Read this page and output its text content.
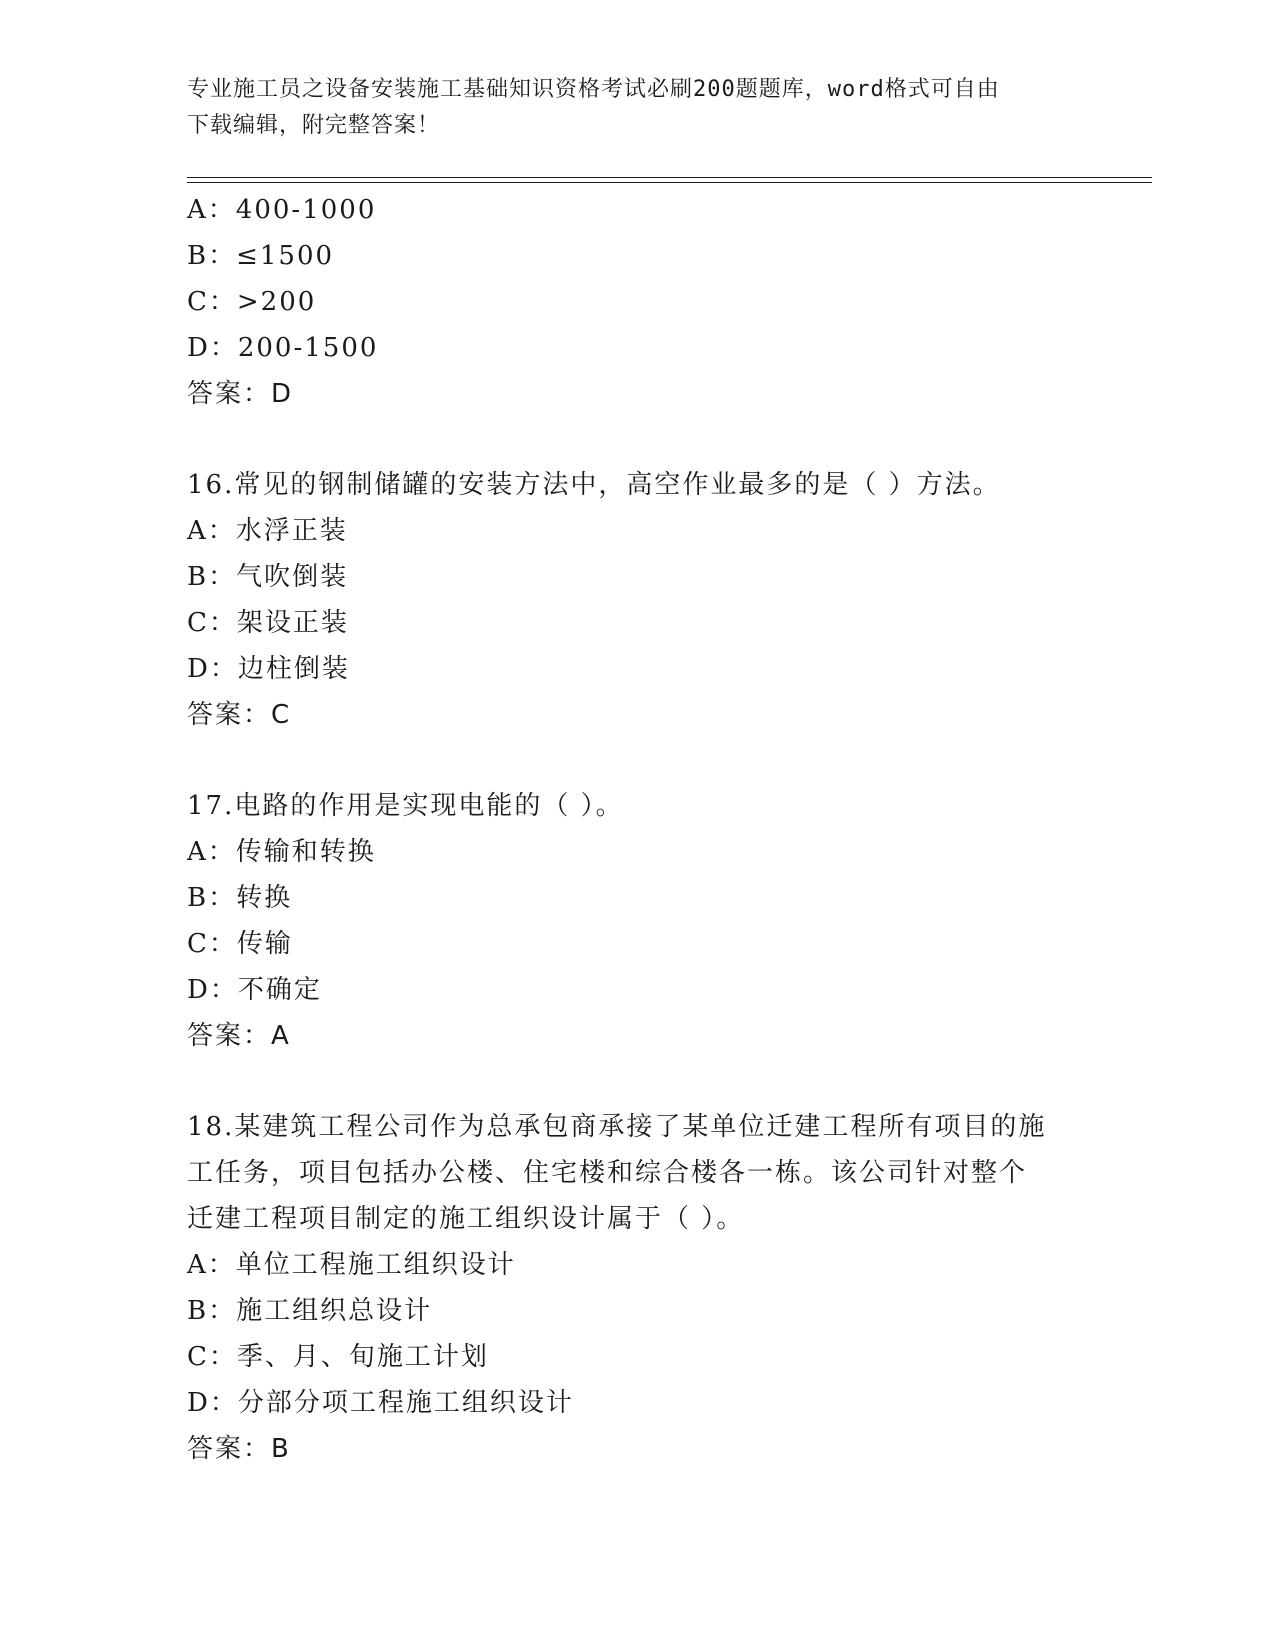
专业施工员之设备安装施工基础知识资格考试必刷200题题库，word格式可自由
下载编辑，附完整答案！
A：400-1000
B：≤1500
C：>200
D：200-1500
答案：D
16.常见的钢制储罐的安装方法中，高空作业最多的是（ ）方法。
A：水浮正装
B：气吹倒装
C：架设正装
D：边柱倒装
答案：C
17.电路的作用是实现电能的（ ）。
A：传输和转换
B：转换
C：传输
D：不确定
答案：A
18.某建筑工程公司作为总承包商承接了某单位迁建工程所有项目的施
工任务，项目包括办公楼、住宅楼和综合楼各一栋。该公司针对整个
迁建工程项目制定的施工组织设计属于（ ）。
A：单位工程施工组织设计
B：施工组织总设计
C：季、月、旬施工计划
D：分部分项工程施工组织设计
答案：B
